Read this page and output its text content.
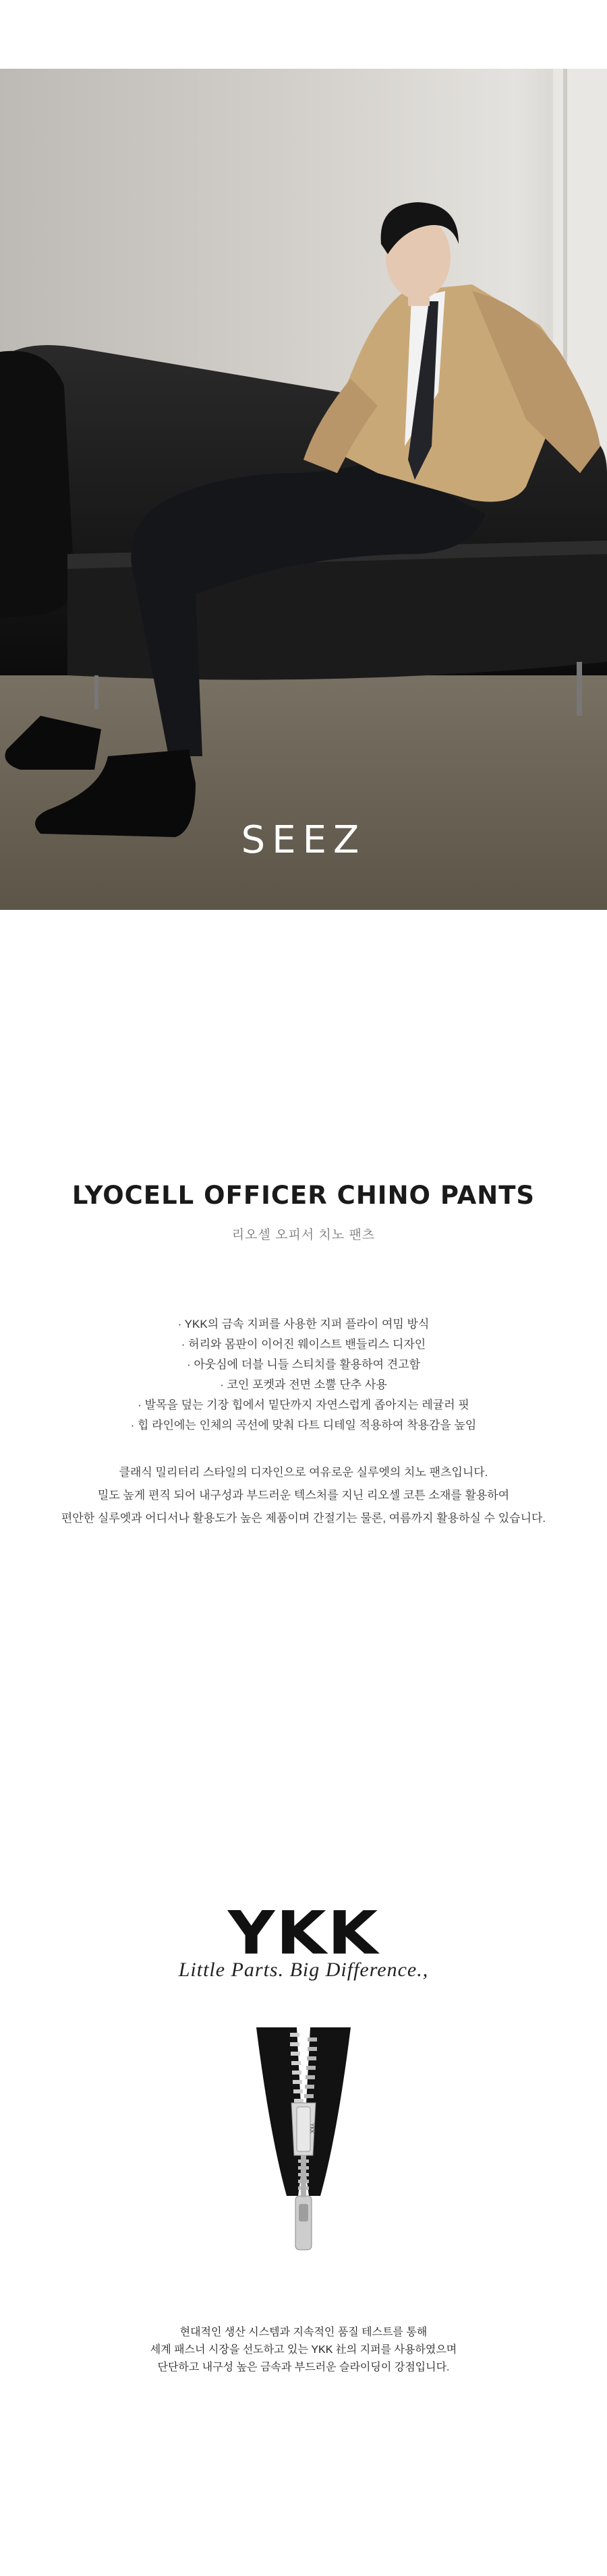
SEEZ
LYOCELL OFFICER CHINO PANTS
리오셀 오피서 치노 팬츠
· YKK의 금속 지퍼를 사용한 지퍼 플라이 여밈 방식
· 허리와 몸판이 이어진 웨이스트 밴들리스 디자인
· 아웃심에 더블 니들 스티치를 활용하여 견고함
· 코인 포켓과 전면 소뿔 단추 사용
· 발목을 덮는 기장 힙에서 밑단까지 자연스럽게 좁아지는 레귤러 핏
· 힙 라인에는 인체의 곡선에 맞춰 다트 디테일 적용하여 착용감을 높임

클래식 밀리터리 스타일의 디자인으로 여유로운 실루엣의 치노 팬츠입니다.

밀도 높게 편직 되어 내구성과 부드러운 텍스처를 지닌 리오셀 코튼 소재를 활용하여

편안한 실루엣과 어디서나 활용도가 높은 제품이며 간절기는 물론, 여름까지 활용하실 수 있습니다.

YKK
Little Parts. Big Difference.,
YKK

현대적인 생산 시스템과 지속적인 품질 테스트를 통해

세계 패스너 시장을 선도하고 있는 YKK 社의 지퍼를 사용하였으며

단단하고 내구성 높은 금속과 부드러운 슬라이딩이 강점입니다.
